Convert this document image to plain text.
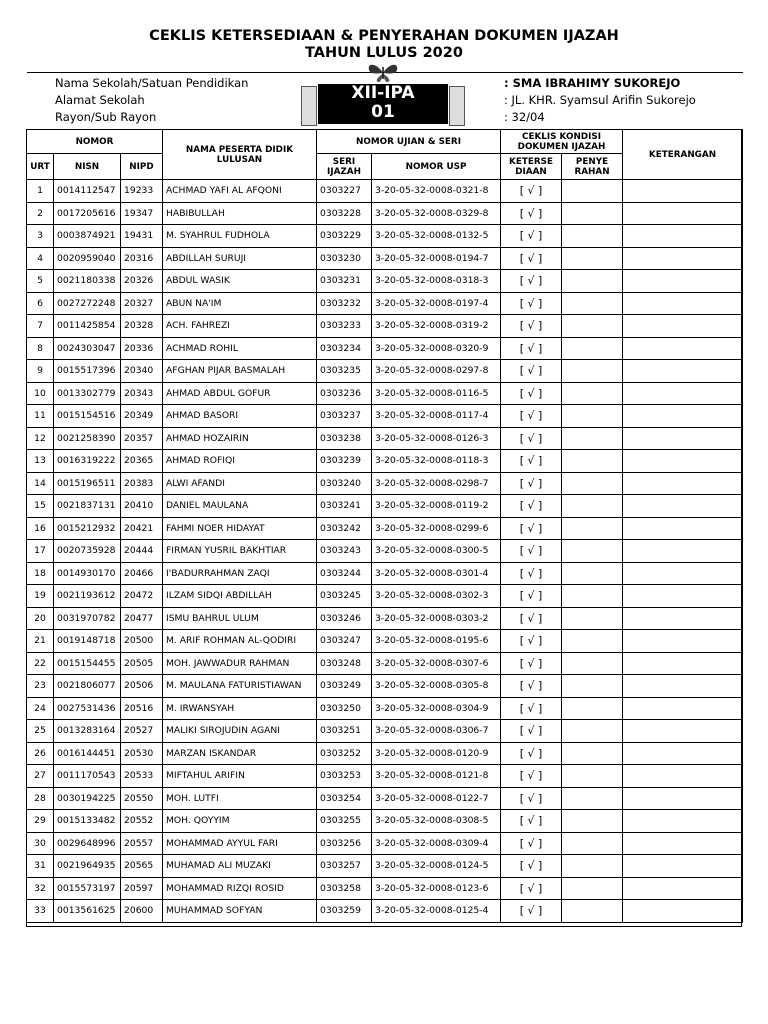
CEKLIS KETERSEDIAAN & PENYERAHAN DOKUMEN IJAZAH
TAHUN LULUS 2020
Nama Sekolah/Satuan Pendidikan
Alamat Sekolah
Rayon/Sub Rayon
: SMA IBRAHIMY SUKOREJO
: JL. KHR. Syamsul Arifin Sukorejo
: 32/04
XII-IPA
01
NOMOR			NAMA PESERTA DIDIK LULUSAN	NOMOR UJIAN & SERI		CEKLIS KONDISI DOKUMEN IJAZAH		KETERANGAN
URT	NISN	NIPD		SERI IJAZAH	NOMOR USP	KETERSE DIAAN	PENYE RAHAN	
1	0014112547	19233	ACHMAD YAFI AL AFQONI	0303227	3-20-05-32-0008-0321-8	[ √ ]		
2	0017205616	19347	HABIBULLAH	0303228	3-20-05-32-0008-0329-8	[ √ ]		
3	0003874921	19431	M. SYAHRUL FUDHOLA	0303229	3-20-05-32-0008-0132-5	[ √ ]		
4	0020959040	20316	ABDILLAH SURUJI	0303230	3-20-05-32-0008-0194-7	[ √ ]		
5	0021180338	20326	ABDUL WASIK	0303231	3-20-05-32-0008-0318-3	[ √ ]		
6	0027272248	20327	ABUN NA'IM	0303232	3-20-05-32-0008-0197-4	[ √ ]		
7	0011425854	20328	ACH. FAHREZI	0303233	3-20-05-32-0008-0319-2	[ √ ]		
8	0024303047	20336	ACHMAD ROHIL	0303234	3-20-05-32-0008-0320-9	[ √ ]		
9	0015517396	20340	AFGHAN PIJAR BASMALAH	0303235	3-20-05-32-0008-0297-8	[ √ ]		
10	0013302779	20343	AHMAD ABDUL GOFUR	0303236	3-20-05-32-0008-0116-5	[ √ ]		
11	0015154516	20349	AHMAD BASORI	0303237	3-20-05-32-0008-0117-4	[ √ ]		
12	0021258390	20357	AHMAD HOZAIRIN	0303238	3-20-05-32-0008-0126-3	[ √ ]		
13	0016319222	20365	AHMAD ROFIQI	0303239	3-20-05-32-0008-0118-3	[ √ ]		
14	0015196511	20383	ALWI AFANDI	0303240	3-20-05-32-0008-0298-7	[ √ ]		
15	0021837131	20410	DANIEL MAULANA	0303241	3-20-05-32-0008-0119-2	[ √ ]		
16	0015212932	20421	FAHMI NOER HIDAYAT	0303242	3-20-05-32-0008-0299-6	[ √ ]		
17	0020735928	20444	FIRMAN YUSRIL BAKHTIAR	0303243	3-20-05-32-0008-0300-5	[ √ ]		
18	0014930170	20466	I'BADURRAHMAN ZAQI	0303244	3-20-05-32-0008-0301-4	[ √ ]		
19	0021193612	20472	ILZAM SIDQI ABDILLAH	0303245	3-20-05-32-0008-0302-3	[ √ ]		
20	0031970782	20477	ISMU BAHRUL ULUM	0303246	3-20-05-32-0008-0303-2	[ √ ]		
21	0019148718	20500	M. ARIF ROHMAN AL-QODIRI	0303247	3-20-05-32-0008-0195-6	[ √ ]		
22	0015154455	20505	MOH. JAWWADUR RAHMAN	0303248	3-20-05-32-0008-0307-6	[ √ ]		
23	0021806077	20506	M. MAULANA FATURISTIAWAN	0303249	3-20-05-32-0008-0305-8	[ √ ]		
24	0027531436	20516	M. IRWANSYAH	0303250	3-20-05-32-0008-0304-9	[ √ ]		
25	0013283164	20527	MALIKI SIROJUDIN AGANI	0303251	3-20-05-32-0008-0306-7	[ √ ]		
26	0016144451	20530	MARZAN ISKANDAR	0303252	3-20-05-32-0008-0120-9	[ √ ]		
27	0011170543	20533	MIFTAHUL ARIFIN	0303253	3-20-05-32-0008-0121-8	[ √ ]		
28	0030194225	20550	MOH. LUTFI	0303254	3-20-05-32-0008-0122-7	[ √ ]		
29	0015133482	20552	MOH. QOYYIM	0303255	3-20-05-32-0008-0308-5	[ √ ]		
30	0029648996	20557	MOHAMMAD AYYUL FARI	0303256	3-20-05-32-0008-0309-4	[ √ ]		
31	0021964935	20565	MUHAMAD ALI MUZAKI	0303257	3-20-05-32-0008-0124-5	[ √ ]		
32	0015573197	20597	MOHAMMAD RIZQI ROSID	0303258	3-20-05-32-0008-0123-6	[ √ ]		
33	0013561625	20600	MUHAMMAD SOFYAN	0303259	3-20-05-32-0008-0125-4	[ √ ]		
